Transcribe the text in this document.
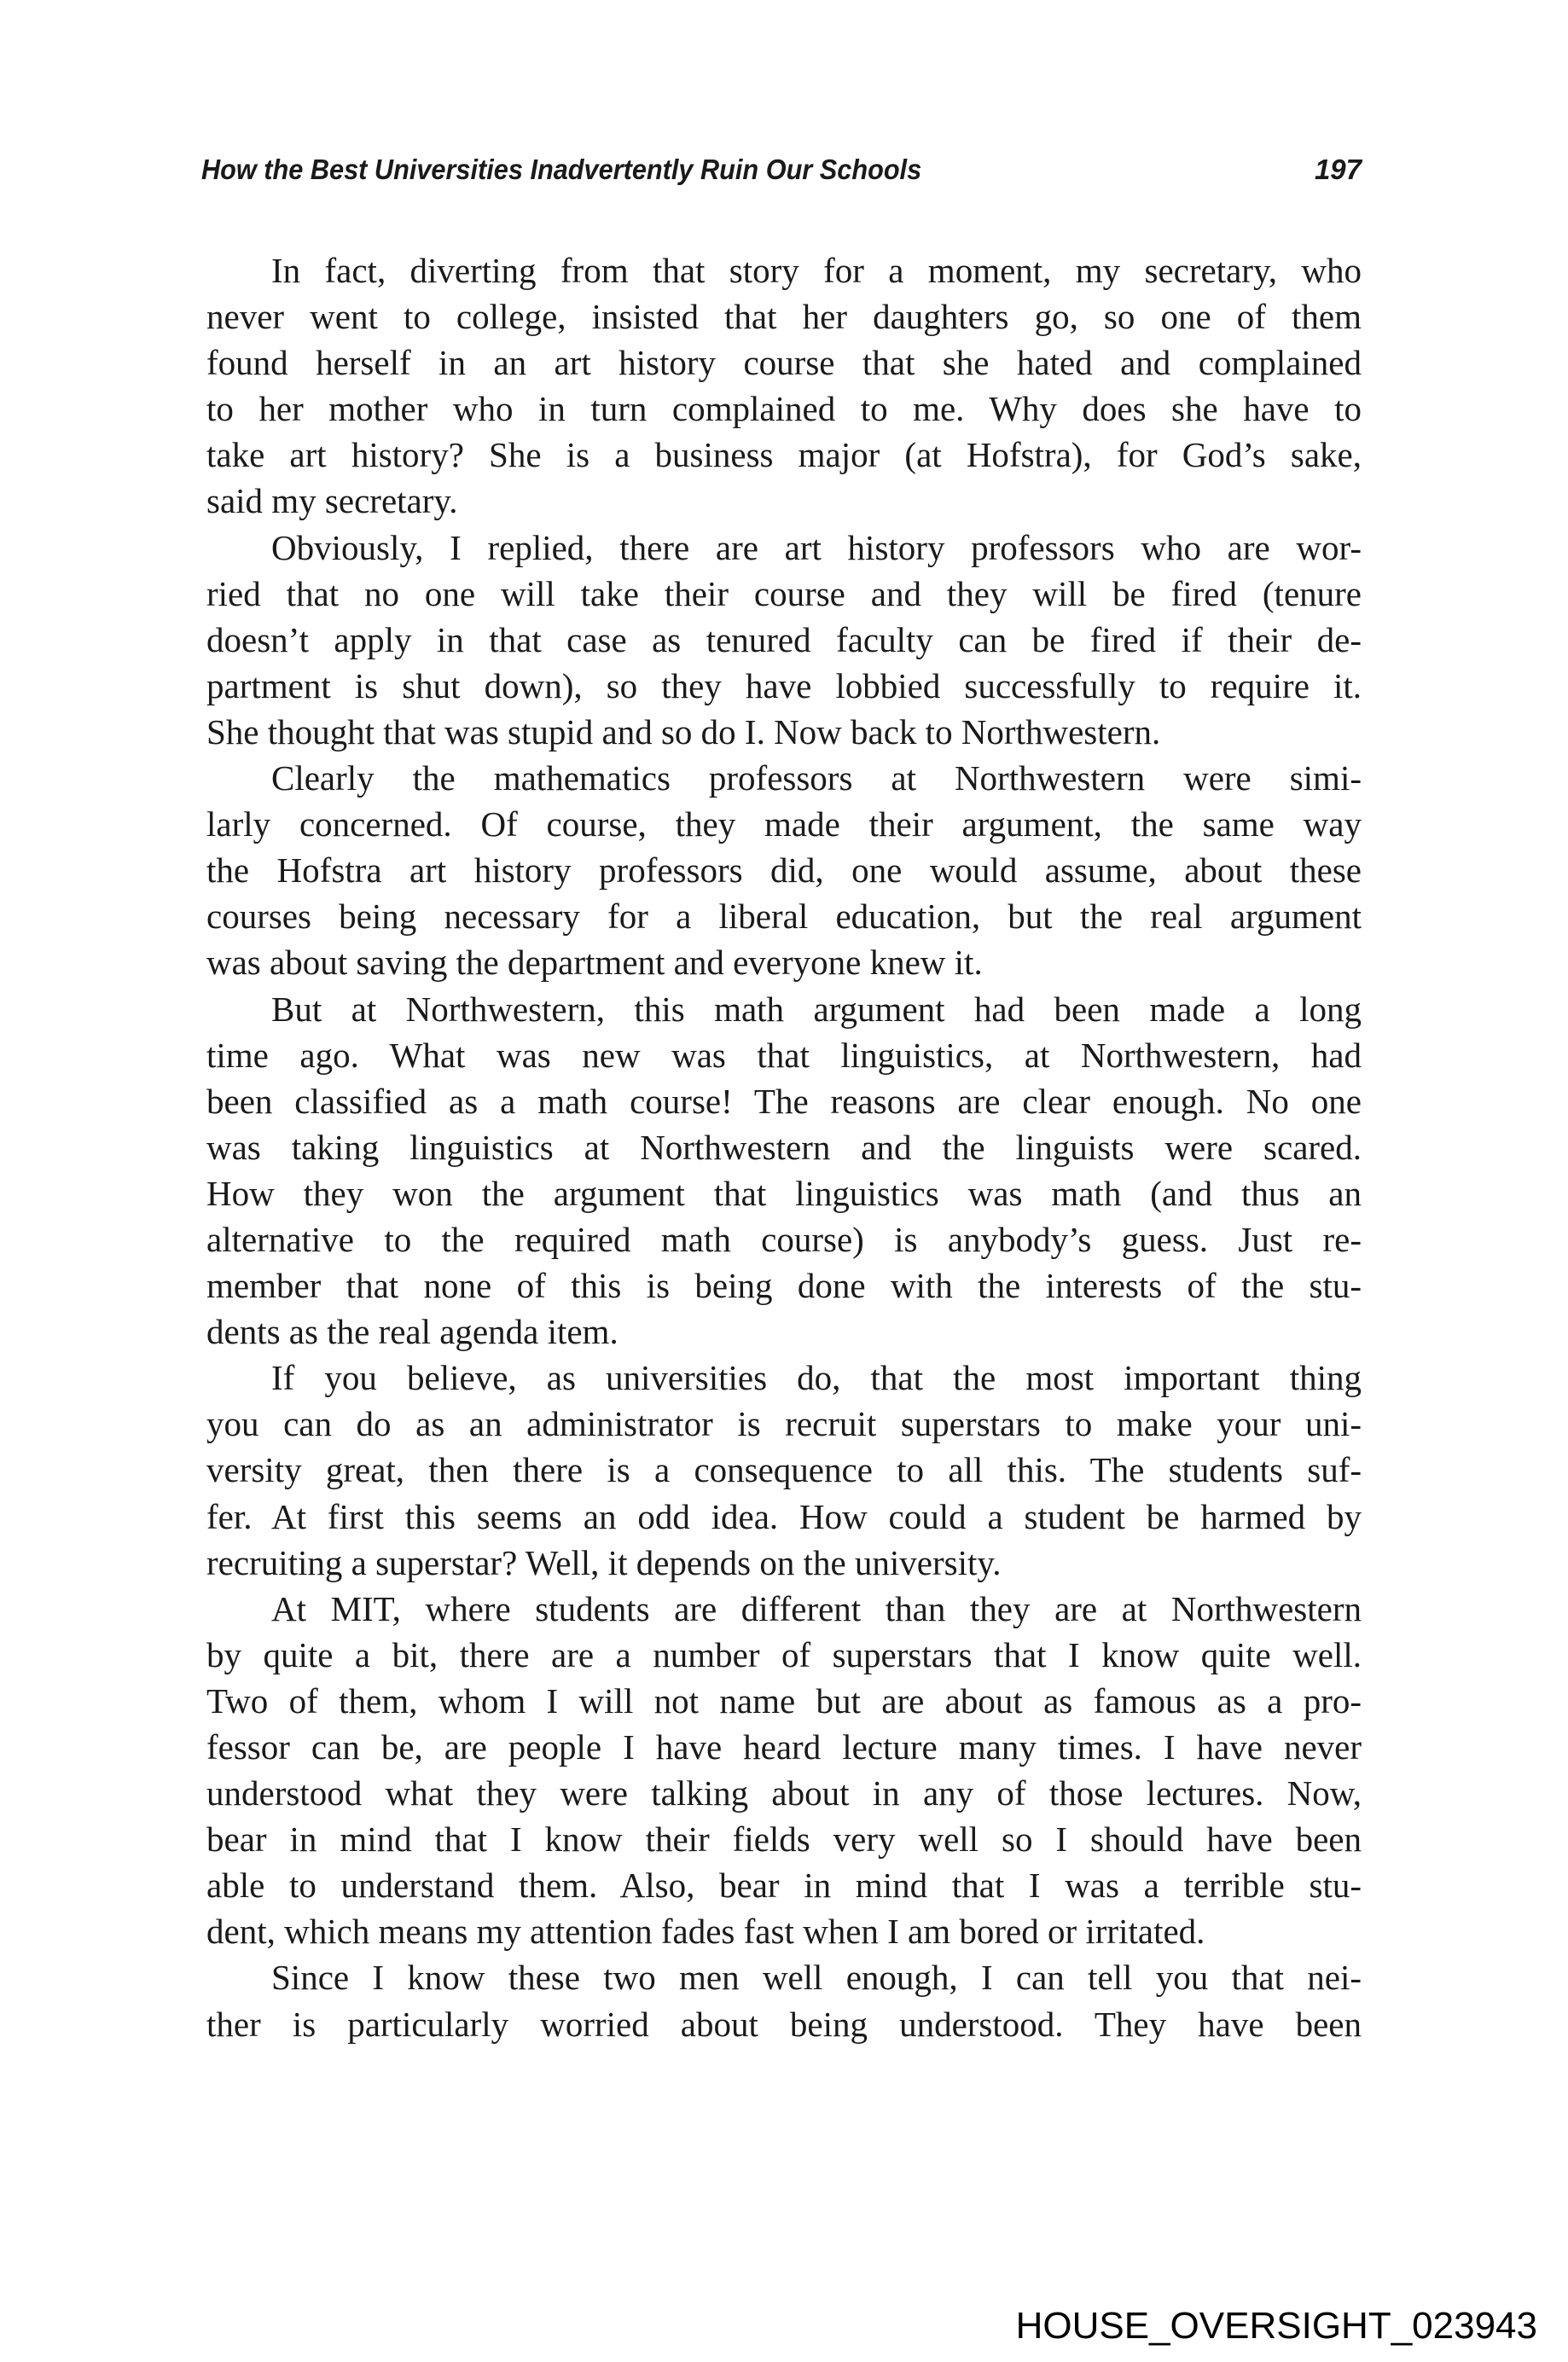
How the Best Universities Inadvertently Ruin Our Schools	197
In fact, diverting from that story for a moment, my secretary, who
never went to college, insisted that her daughters go, so one of them
found herself in an art history course that she hated and complained
to her mother who in turn complained to me. Why does she have to
take art history? She is a business major (at Hofstra), for God’s sake,
said my secretary.
Obviously, I replied, there are art history professors who are wor-
ried that no one will take their course and they will be fired (tenure
doesn’t apply in that case as tenured faculty can be fired if their de-
partment is shut down), so they have lobbied successfully to require it.
She thought that was stupid and so do I. Now back to Northwestern.
Clearly the mathematics professors at Northwestern were simi-
larly concerned. Of course, they made their argument, the same way
the Hofstra art history professors did, one would assume, about these
courses being necessary for a liberal education, but the real argument
was about saving the department and everyone knew it.
But at Northwestern, this math argument had been made a long
time ago. What was new was that linguistics, at Northwestern, had
been classified as a math course! The reasons are clear enough. No one
was taking linguistics at Northwestern and the linguists were scared.
How they won the argument that linguistics was math (and thus an
alternative to the required math course) is anybody’s guess. Just re-
member that none of this is being done with the interests of the stu-
dents as the real agenda item.
If you believe, as universities do, that the most important thing
you can do as an administrator is recruit superstars to make your uni-
versity great, then there is a consequence to all this. The students suf-
fer. At first this seems an odd idea. How could a student be harmed by
recruiting a superstar? Well, it depends on the university.
At MIT, where students are different than they are at Northwestern
by quite a bit, there are a number of superstars that I know quite well.
Two of them, whom I will not name but are about as famous as a pro-
fessor can be, are people I have heard lecture many times. I have never
understood what they were talking about in any of those lectures. Now,
bear in mind that I know their fields very well so I should have been
able to understand them. Also, bear in mind that I was a terrible stu-
dent, which means my attention fades fast when I am bored or irritated.
Since I know these two men well enough, I can tell you that nei-
ther is particularly worried about being understood. They have been
HOUSE_OVERSIGHT_023943
